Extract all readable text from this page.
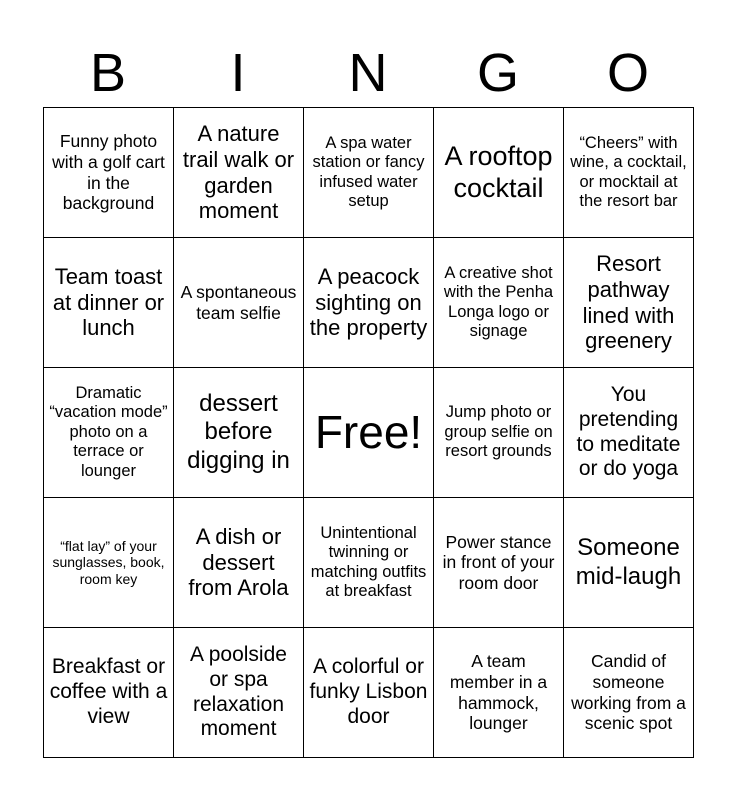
B	I	N	G	O
Funny photo with a golf cart in the background	A nature trail walk or garden moment	A spa water station or fancy infused water setup	A rooftop cocktail	“Cheers” with wine, a cocktail, or mocktail at the resort bar
Team toast at dinner or lunch	A spontaneous team selfie	A peacock sighting on the property	A creative shot with the Penha Longa logo or signage	Resort pathway lined with greenery
Dramatic “vacation mode” photo on a terrace or lounger	dessert before digging in	Free!	Jump photo or group selfie on resort grounds	You pretending to meditate or do yoga
“flat lay” of your sunglasses, book, room key	A dish or dessert from Arola	Unintentional twinning or matching outfits at breakfast	Power stance in front of your room door	Someone mid-laugh
Breakfast or coffee with a view	A poolside or spa relaxation moment	A colorful or funky Lisbon door	A team member in a hammock, lounger	Candid of someone working from a scenic spot
